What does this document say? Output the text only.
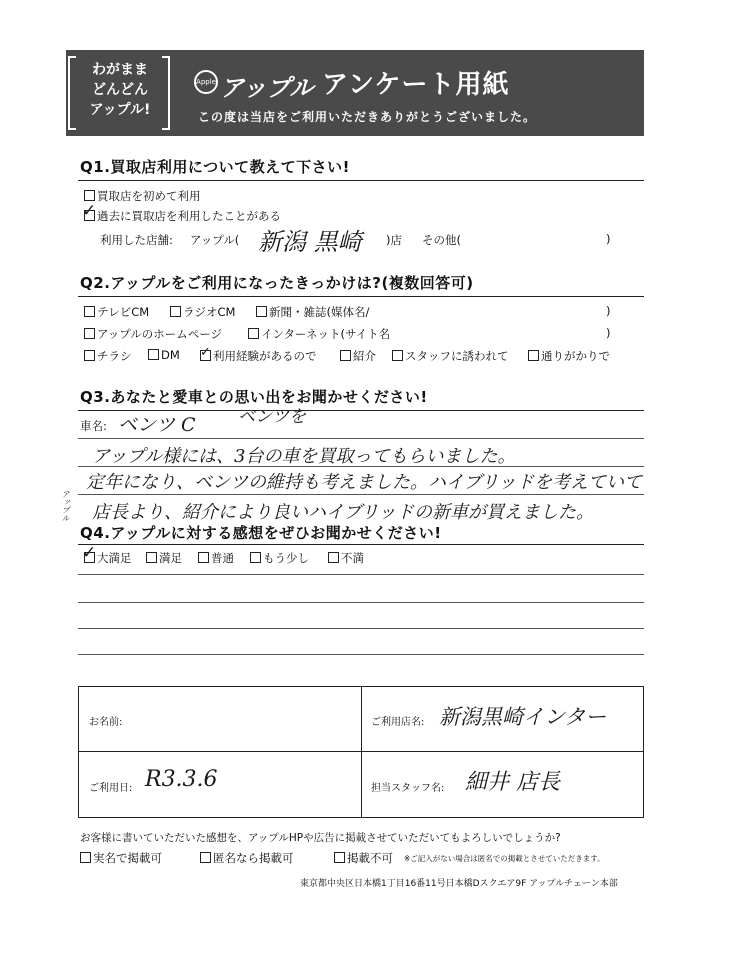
わがまま
どんどん
アップル!
Apple アップル アンケート用紙
この度は当店をご利用いただきありがとうございました。
Q1.買取店利用について教えて下さい!
買取店を初めて利用
✓ 過去に買取店を利用したことがある
利用した店舗: アップル( 新潟 黒崎 )店 その他(	)
Q2.アップルをご利用になったきっかけは?(複数回答可)
テレビCM	ラジオCM	新聞・雑誌(媒体名/	)
アップルのホームページ	インターネット(サイト名	)
チラシ	DM ✓ 利用経験があるので	紹介	スタッフに誘われて	通りがかりで
Q3.あなたと愛車との思い出をお聞かせください!
車名: ベンツ C ベンツを
アップル様には、3台の車を買取ってもらいました。
定年になり、ベンツの維持も考えました。ハイブリッドを考えていて
アップル 店長より、紹介により良いハイブリッドの新車が買えました。
Q4.アップルに対する感想をぜひお聞かせください!
✓ 大満足	満足	普通	もう少し	不満
お名前:	ご利用店名: 新潟黒崎インター
ご利用日: R3.3.6	担当スタッフ名: 細井 店長
お客様に書いていただいた感想を、アップルHPや広告に掲載させていただいてもよろしいでしょうか?
実名で掲載可	匿名なら掲載可	掲載不可 ※ご記入がない場合は匿名での掲載とさせていただきます。
東京都中央区日本橋1丁目16番11号日本橋Dスクエア9F アップルチェーン本部
